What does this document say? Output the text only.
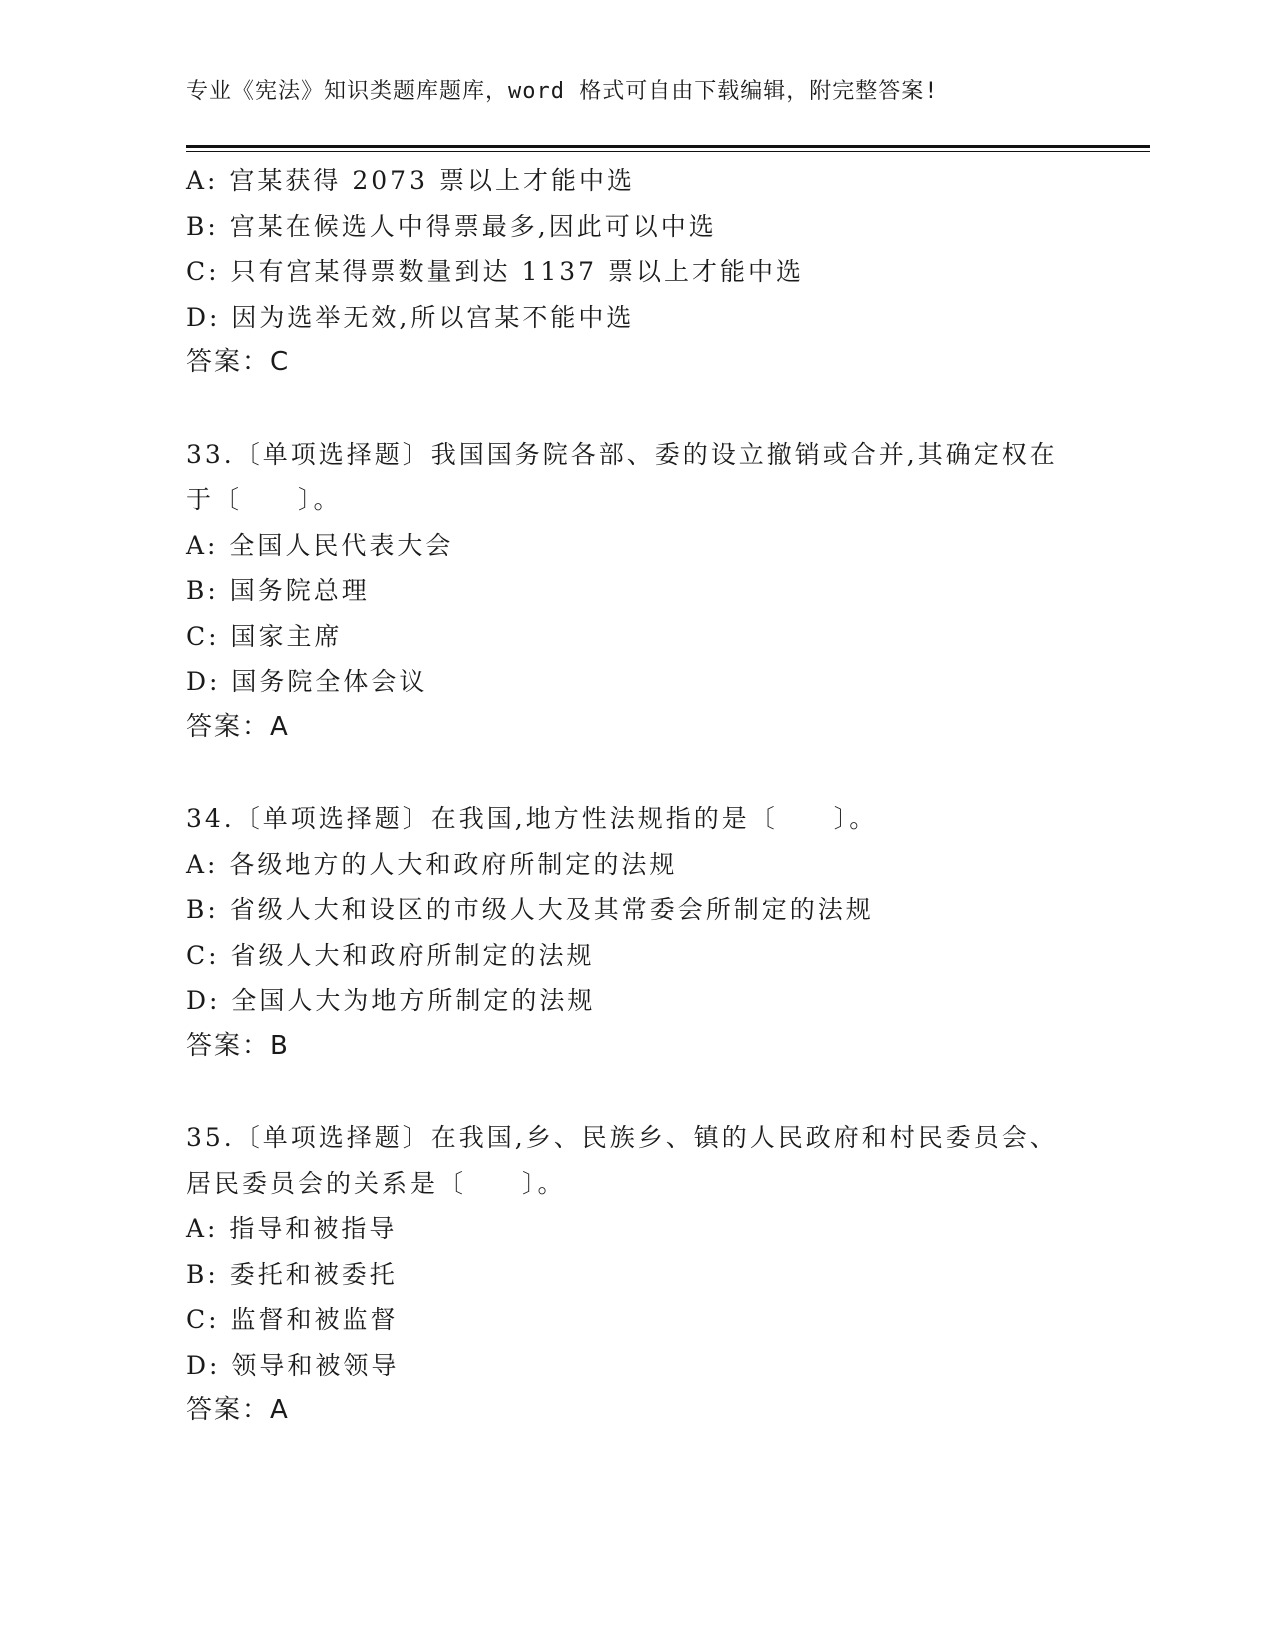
专业《宪法》知识类题库题库，word 格式可自由下载编辑，附完整答案!
A: 宫某获得 2073 票以上才能中选
B: 宫某在候选人中得票最多,因此可以中选
C: 只有宫某得票数量到达 1137 票以上才能中选
D: 因为选举无效,所以宫某不能中选
答案：C
33.〔单项选择题〕我国国务院各部、委的设立撤销或合并,其确定权在于〔　　〕。
A: 全国人民代表大会
B: 国务院总理
C: 国家主席
D: 国务院全体会议
答案：A
34.〔单项选择题〕在我国,地方性法规指的是〔　　〕。
A: 各级地方的人大和政府所制定的法规
B: 省级人大和设区的市级人大及其常委会所制定的法规
C: 省级人大和政府所制定的法规
D: 全国人大为地方所制定的法规
答案：B
35.〔单项选择题〕在我国,乡、民族乡、镇的人民政府和村民委员会、居民委员会的关系是〔　　〕。
A: 指导和被指导
B: 委托和被委托
C: 监督和被监督
D: 领导和被领导
答案：A
